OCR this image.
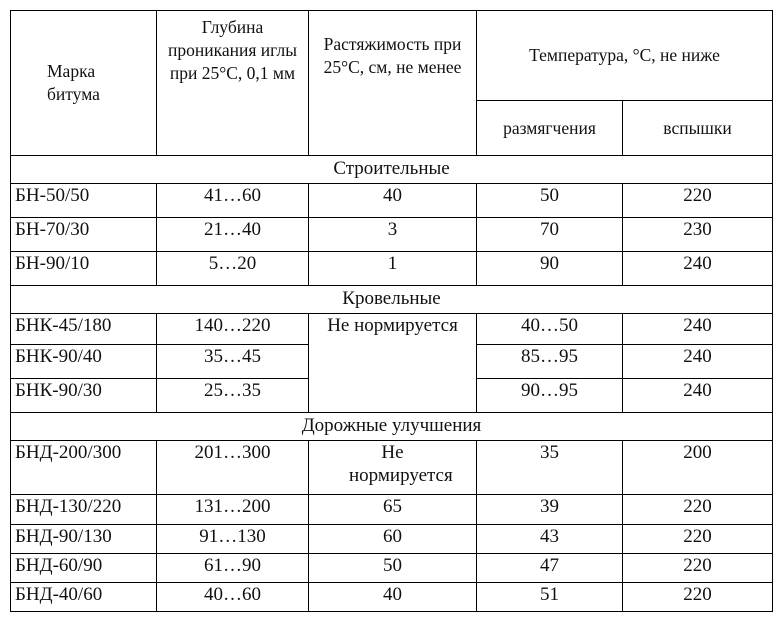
Марка битума	Глубина проникания иглы при 25°С, 0,1 мм	Растяжимость при 25°С, см, не менее	Температура, °С, не ниже	
			размягчения	вспышки
Строительные				
БН-50/50	41…60	40	50	220
БН-70/30	21…40	3	70	230
БН-90/10	5…20	1	90	240
Кровельные				
БНК-45/180	140…220	Не нормируется	40…50	240
БНК-90/40	35…45		85…95	240
БНК-90/30	25…35		90…95	240
Дорожные улучшения				
БНД-200/300	201…300	Не нормируется	35	200
БНД-130/220	131…200	65	39	220
БНД-90/130	91…130	60	43	220
БНД-60/90	61…90	50	47	220
БНД-40/60	40…60	40	51	220
